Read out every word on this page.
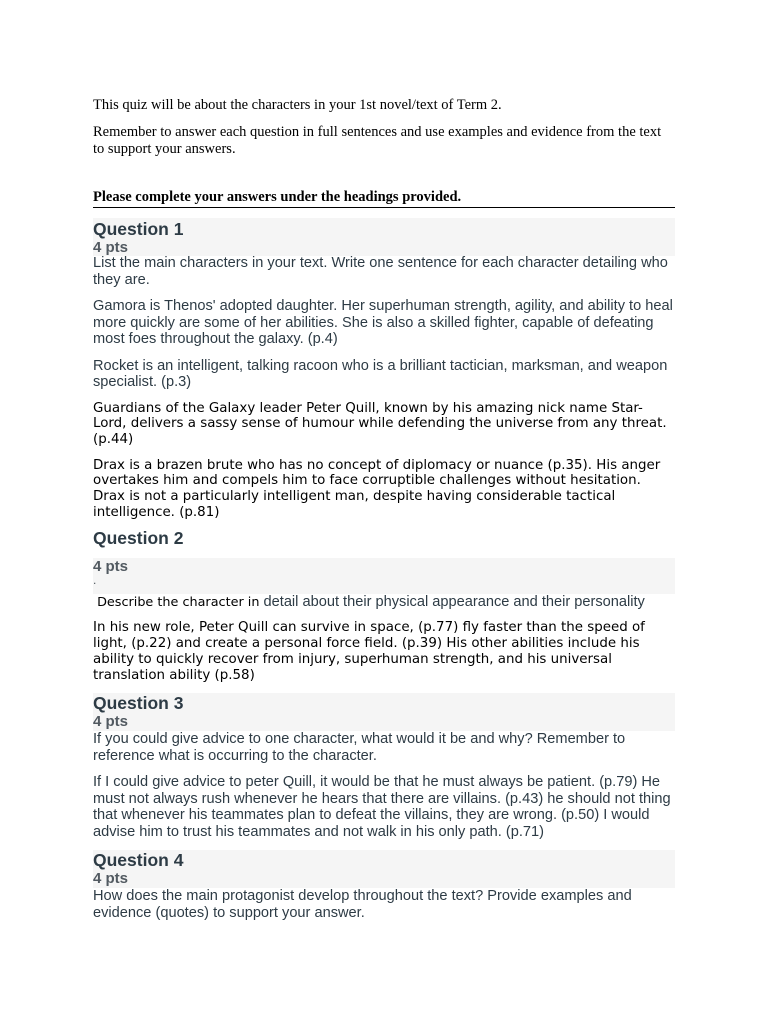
This quiz will be about the characters in your 1st novel/text of Term 2.

Remember to answer each question in full sentences and use examples and evidence from the text to support your answers.

Please complete your answers under the headings provided.
Question 1
4 pts

List the main characters in your text. Write one sentence for each character detailing who they are.

Gamora is Thenos' adopted daughter. Her superhuman strength, agility, and ability to heal more quickly are some of her abilities. She is also a skilled fighter, capable of defeating most foes throughout the galaxy. (p.4)

Rocket is an intelligent, talking racoon who is a brilliant tactician, marksman, and weapon specialist. (p.3)

Guardians of the Galaxy leader Peter Quill, known by his amazing nick name Star-Lord, delivers a sassy sense of humour while defending the universe from any threat. (p.44)

Drax is a brazen brute who has no concept of diplomacy or nuance (p.35). His anger overtakes him and compels him to face corruptible challenges without hesitation. Drax is not a particularly intelligent man, despite having considerable tactical intelligence. (p.81)

Question 2
4 pts
.

Describe the character in detail about their physical appearance and their personality

In his new role, Peter Quill can survive in space, (p.77) fly faster than the speed of light, (p.22) and create a personal force field. (p.39) His other abilities include his ability to quickly recover from injury, superhuman strength, and his universal translation ability (p.58)

Question 3
4 pts

If you could give advice to one character, what would it be and why? Remember to reference what is occurring to the character.

If I could give advice to peter Quill, it would be that he must always be patient. (p.79) He must not always rush whenever he hears that there are villains. (p.43) he should not thing that whenever his teammates plan to defeat the villains, they are wrong. (p.50) I would advise him to trust his teammates and not walk in his only path. (p.71)

Question 4
4 pts

How does the main protagonist develop throughout the text? Provide examples and evidence (quotes) to support your answer.
